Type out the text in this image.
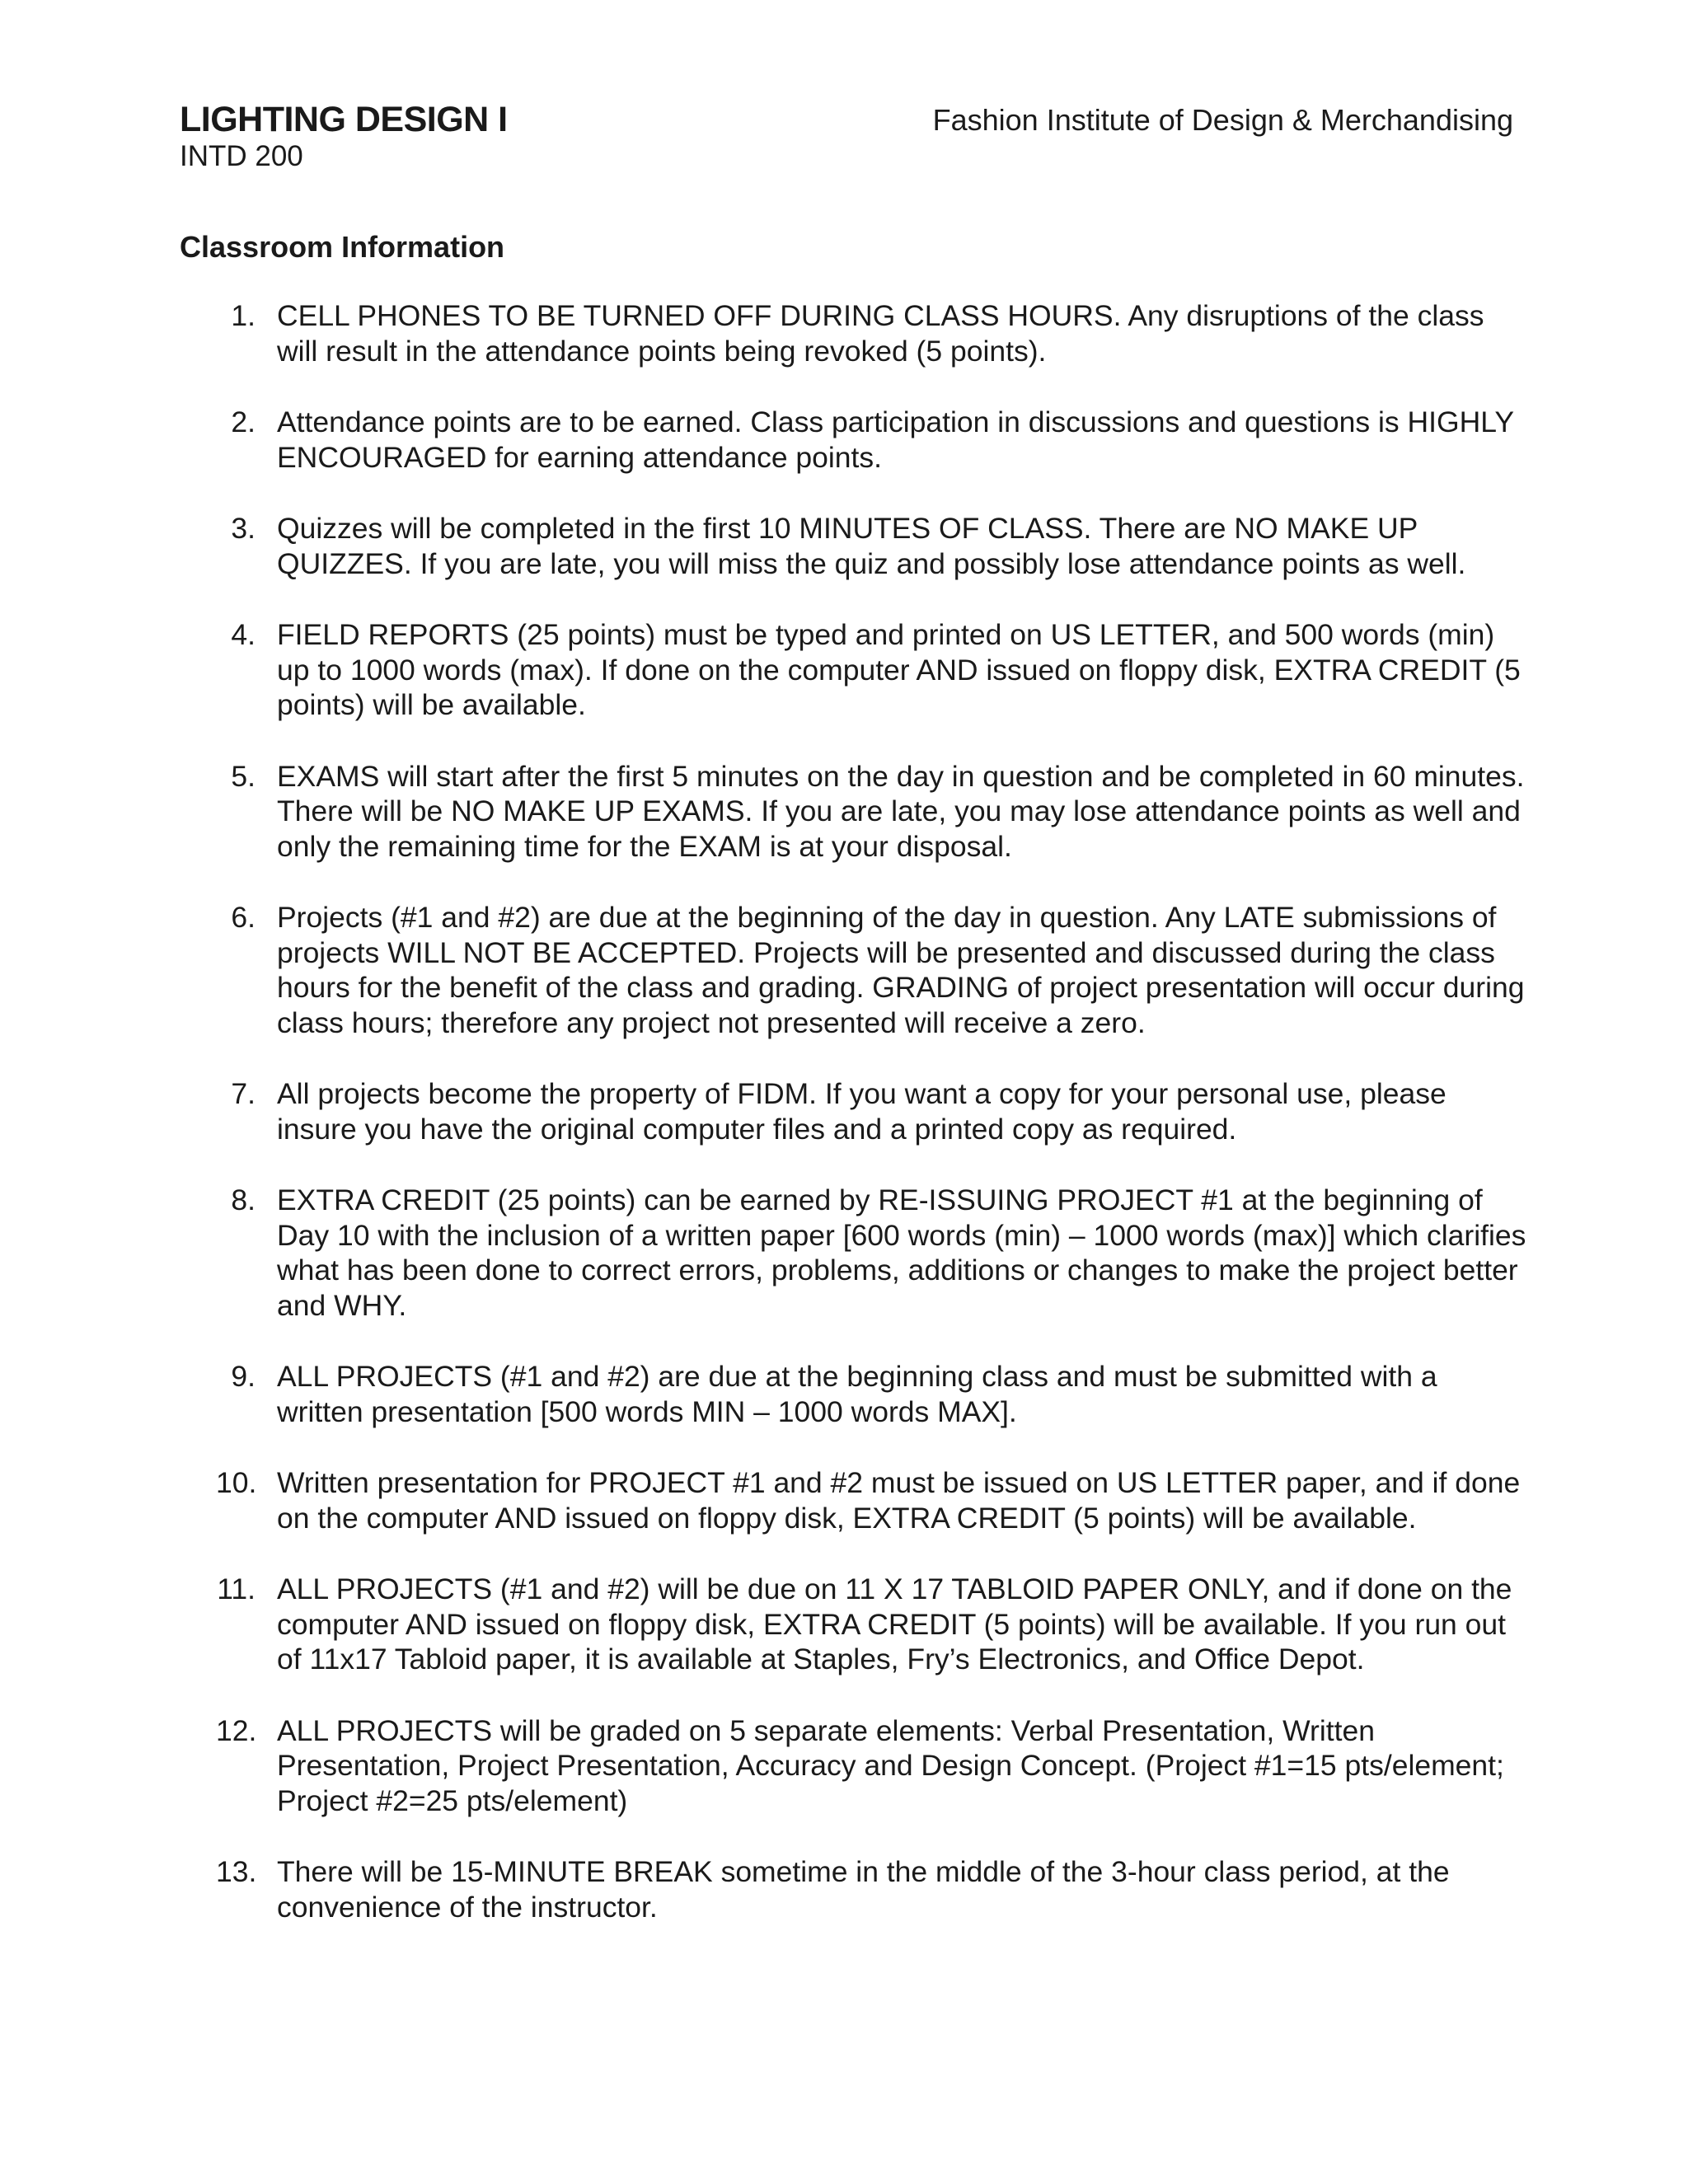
LIGHTING DESIGN I
INTD 200
Fashion Institute of Design & Merchandising
Classroom Information
1. CELL PHONES TO BE TURNED OFF DURING CLASS HOURS. Any disruptions of the class will result in the attendance points being revoked (5 points).
2. Attendance points are to be earned. Class participation in discussions and questions is HIGHLY ENCOURAGED for earning attendance points.
3. Quizzes will be completed in the first 10 MINUTES OF CLASS. There are NO MAKE UP QUIZZES. If you are late, you will miss the quiz and possibly lose attendance points as well.
4. FIELD REPORTS (25 points) must be typed and printed on US LETTER, and 500 words (min) up to 1000 words (max). If done on the computer AND issued on floppy disk, EXTRA CREDIT (5 points) will be available.
5. EXAMS will start after the first 5 minutes on the day in question and be completed in 60 minutes. There will be NO MAKE UP EXAMS. If you are late, you may lose attendance points as well and only the remaining time for the EXAM is at your disposal.
6. Projects (#1 and #2) are due at the beginning of the day in question. Any LATE submissions of projects WILL NOT BE ACCEPTED. Projects will be presented and discussed during the class hours for the benefit of the class and grading. GRADING of project presentation will occur during class hours; therefore any project not presented will receive a zero.
7. All projects become the property of FIDM. If you want a copy for your personal use, please insure you have the original computer files and a printed copy as required.
8. EXTRA CREDIT (25 points) can be earned by RE-ISSUING PROJECT #1 at the beginning of Day 10 with the inclusion of a written paper [600 words (min) – 1000 words (max)] which clarifies what has been done to correct errors, problems, additions or changes to make the project better and WHY.
9. ALL PROJECTS (#1 and #2) are due at the beginning class and must be submitted with a written presentation [500 words MIN – 1000 words MAX].
10. Written presentation for PROJECT #1 and #2 must be issued on US LETTER paper, and if done on the computer AND issued on floppy disk, EXTRA CREDIT (5 points) will be available.
11. ALL PROJECTS (#1 and #2) will be due on 11 X 17 TABLOID PAPER ONLY, and if done on the computer AND issued on floppy disk, EXTRA CREDIT (5 points) will be available. If you run out of 11x17 Tabloid paper, it is available at Staples, Fry’s Electronics, and Office Depot.
12. ALL PROJECTS will be graded on 5 separate elements: Verbal Presentation, Written Presentation, Project Presentation, Accuracy and Design Concept. (Project #1=15 pts/element; Project #2=25 pts/element)
13. There will be 15-MINUTE BREAK sometime in the middle of the 3-hour class period, at the convenience of the instructor.
